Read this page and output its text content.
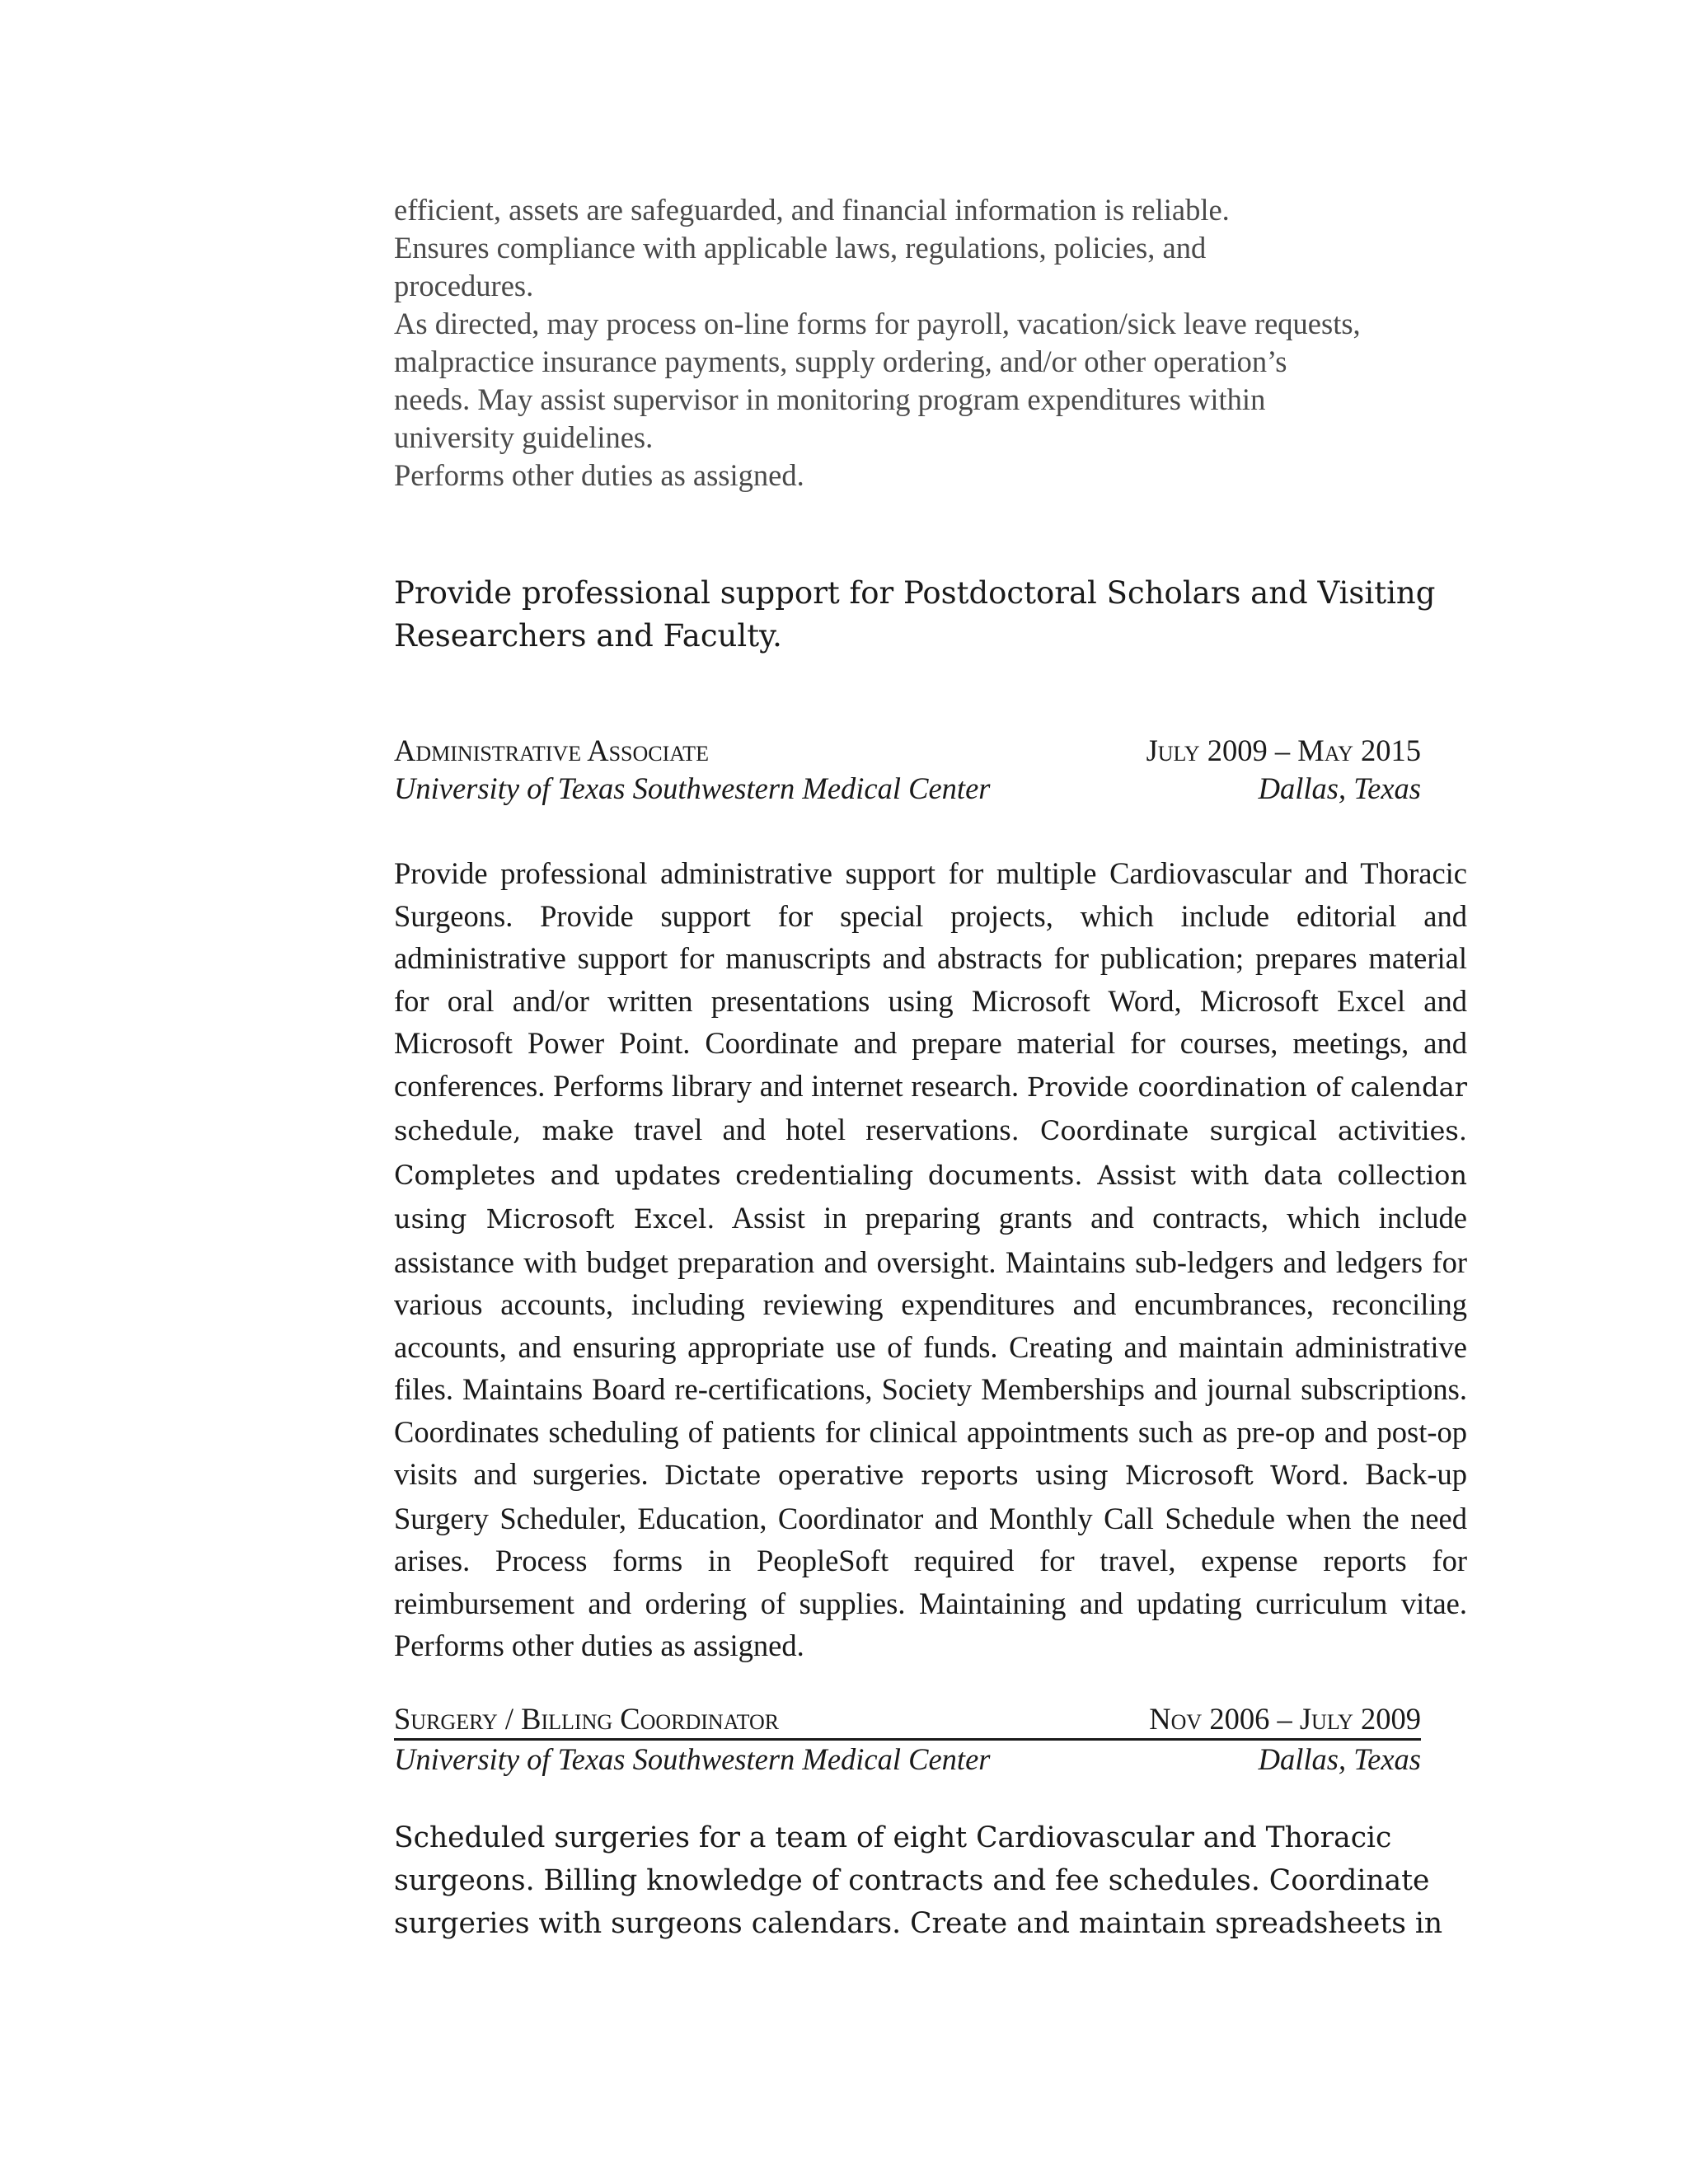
efficient, assets are safeguarded, and financial information is reliable.
Ensures compliance with applicable laws, regulations, policies, and
procedures.
As directed, may process on-line forms for payroll, vacation/sick leave requests,
malpractice insurance payments, supply ordering, and/or other operation’s
needs. May assist supervisor in monitoring program expenditures within
university guidelines.
Performs other duties as assigned.
Provide professional support for Postdoctoral Scholars and Visiting
Researchers and Faculty.
Administrative Associate	July 2009 – May 2015
University of Texas Southwestern Medical Center	Dallas, Texas
Provide professional administrative support for multiple Cardiovascular and Thoracic Surgeons. Provide support for special projects, which include editorial and administrative support for manuscripts and abstracts for publication; prepares material for oral and/or written presentations using Microsoft Word, Microsoft Excel and Microsoft Power Point. Coordinate and prepare material for courses, meetings, and conferences. Performs library and internet research. Provide coordination of calendar schedule, make travel and hotel reservations. Coordinate surgical activities. Completes and updates credentialing documents. Assist with data collection using Microsoft Excel. Assist in preparing grants and contracts, which include assistance with budget preparation and oversight. Maintains sub-ledgers and ledgers for various accounts, including reviewing expenditures and encumbrances, reconciling accounts, and ensuring appropriate use of funds. Creating and maintain administrative files. Maintains Board re-certifications, Society Memberships and journal subscriptions. Coordinates scheduling of patients for clinical appointments such as pre-op and post-op visits and surgeries. Dictate operative reports using Microsoft Word. Back-up Surgery Scheduler, Education, Coordinator and Monthly Call Schedule when the need arises. Process forms in PeopleSoft required for travel, expense reports for reimbursement and ordering of supplies. Maintaining and updating curriculum vitae. Performs other duties as assigned.
Surgery / Billing Coordinator	Nov 2006 – July 2009
University of Texas Southwestern Medical Center	Dallas, Texas
Scheduled surgeries for a team of eight Cardiovascular and Thoracic
surgeons. Billing knowledge of contracts and fee schedules. Coordinate
surgeries with surgeons calendars. Create and maintain spreadsheets in
